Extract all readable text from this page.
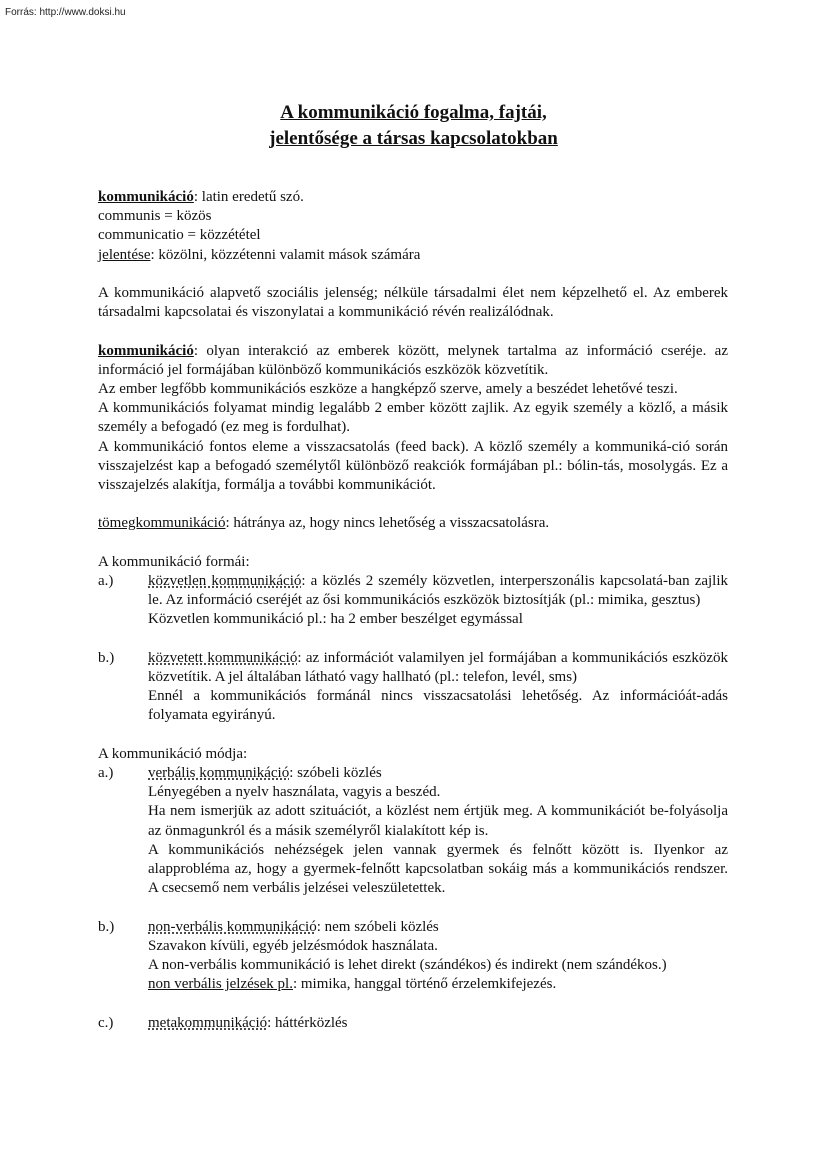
Forrás: http://www.doksi.hu
A kommunikáció fogalma, fajtái,
jelentősége a társas kapcsolatokban

kommunikáció: latin eredetű szó.

communis = közös

communicatio = közzététel

jelentése: közölni, közzétenni valamit mások számára

A kommunikáció alapvető szociális jelenség; nélküle társadalmi élet nem képzelhető el. Az emberek társadalmi kapcsolatai és viszonylatai a kommunikáció révén realizálódnak.

kommunikáció: olyan interakció az emberek között, melynek tartalma az információ cseréje. az információ jel formájában különböző kommunikációs eszközök közvetítik.

Az ember legfőbb kommunikációs eszköze a hangképző szerve, amely a beszédet lehetővé teszi.

A kommunikációs folyamat mindig legalább 2 ember között zajlik. Az egyik személy a közlő, a másik személy a befogadó (ez meg is fordulhat).

A kommunikáció fontos eleme a visszacsatolás (feed back). A közlő személy a kommuniká-ció során visszajelzést kap a befogadó személytől különböző reakciók formájában pl.: bólin-tás, mosolygás. Ez a visszajelzés alakítja, formálja a további kommunikációt.

tömegkommunikáció: hátránya az, hogy nincs lehetőség a visszacsatolásra.

A kommunikáció formái:

a.) közvetlen kommunikáció: a közlés 2 személy közvetlen, interperszonális kapcsolatá-ban zajlik le. Az információ cseréjét az ősi kommunikációs eszközök biztosítják (pl.: mimika, gesztus)

Közvetlen kommunikáció pl.: ha 2 ember beszélget egymással

b.) közvetett kommunikáció: az információt valamilyen jel formájában a kommunikációs eszközök közvetítik. A jel általában látható vagy hallható (pl.: telefon, levél, sms)

Ennél a kommunikációs formánál nincs visszacsatolási lehetőség. Az információát-adás folyamata egyirányú.

A kommunikáció módja:

a.) verbális kommunikáció: szóbeli közlés

Lényegében a nyelv használata, vagyis a beszéd.

Ha nem ismerjük az adott szituációt, a közlést nem értjük meg. A kommunikációt be-folyásolja az önmagunkról és a másik személyről kialakított kép is.

A kommunikációs nehézségek jelen vannak gyermek és felnőtt között is. Ilyenkor az alapprobléma az, hogy a gyermek-felnőtt kapcsolatban sokáig más a kommunikációs rendszer. A csecsemő nem verbális jelzései veleszületettek.

b.) non-verbális kommunikáció: nem szóbeli közlés

Szavakon kívüli, egyéb jelzésmódok használata.

A non-verbális kommunikáció is lehet direkt (szándékos) és indirekt (nem szándékos.)

non verbális jelzések pl.: mimika, hanggal történő érzelemkifejezés.

c.) metakommunikáció: háttérközlés
